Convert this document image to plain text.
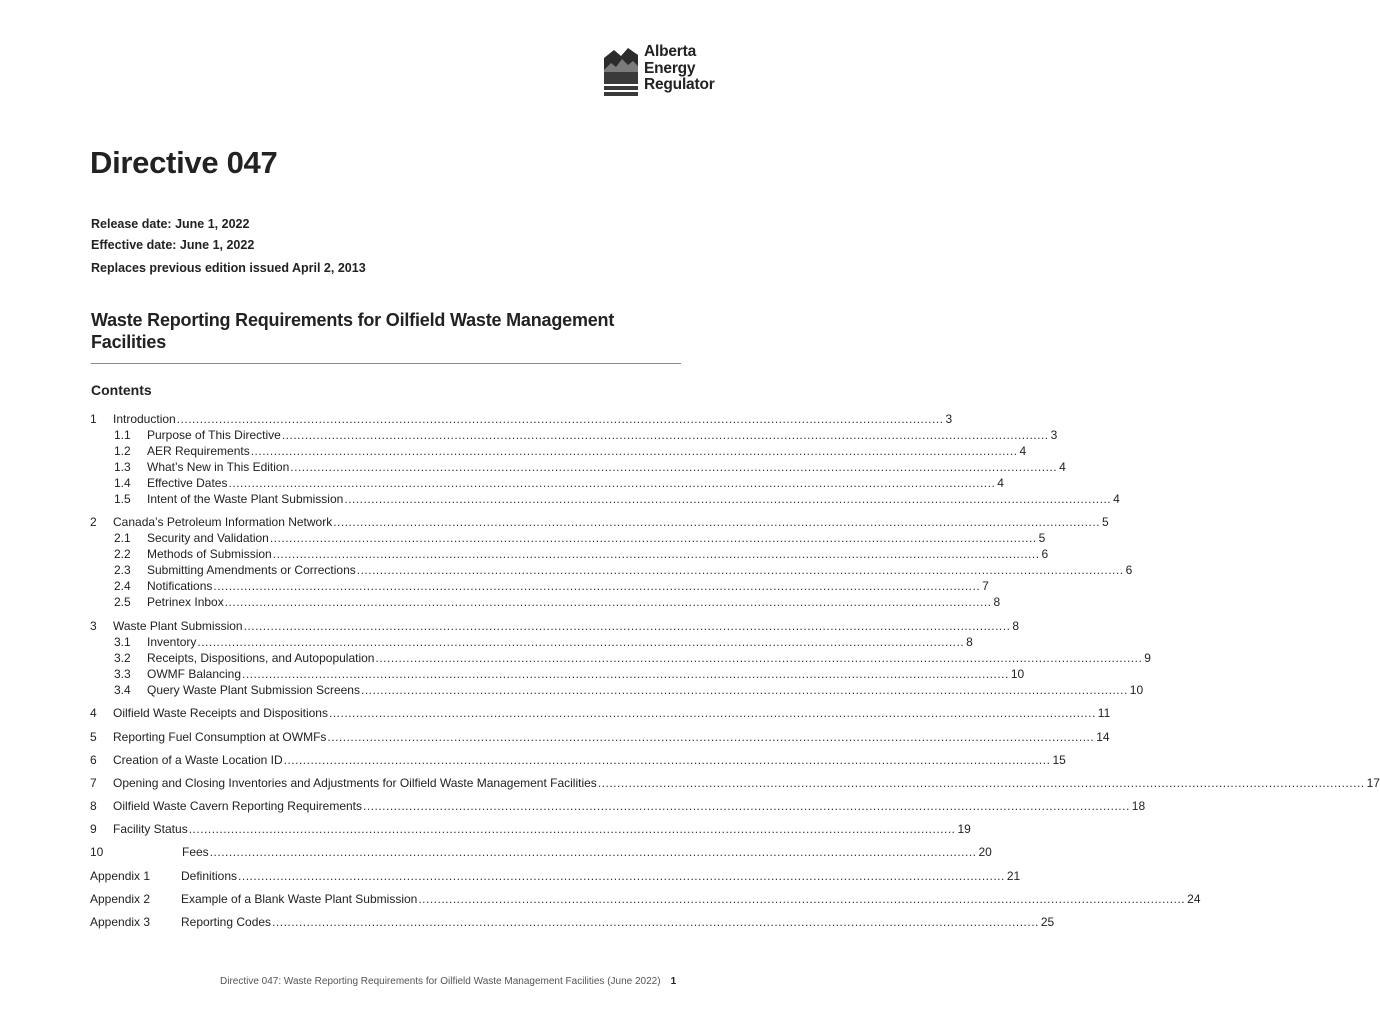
Alberta
Energy
Regulator
Directive 047
Release date: June 1, 2022
Effective date: June 1, 2022
Replaces previous edition issued April 2, 2013
Waste Reporting Requirements for Oilfield Waste Management Facilities
Contents
1 Introduction ........................................................................................................................................................................................................ 3
1.1 Purpose of This Directive ........................................................................................................................................................................................................ 3
1.2 AER Requirements ........................................................................................................................................................................................................ 4
1.3 What’s New in This Edition ........................................................................................................................................................................................................ 4
1.4 Effective Dates ........................................................................................................................................................................................................ 4
1.5 Intent of the Waste Plant Submission ........................................................................................................................................................................................................ 4
2 Canada’s Petroleum Information Network ........................................................................................................................................................................................................ 5
2.1 Security and Validation ........................................................................................................................................................................................................ 5
2.2 Methods of Submission ........................................................................................................................................................................................................ 6
2.3 Submitting Amendments or Corrections ........................................................................................................................................................................................................ 6
2.4 Notifications ........................................................................................................................................................................................................ 7
2.5 Petrinex Inbox ........................................................................................................................................................................................................ 8
3 Waste Plant Submission ........................................................................................................................................................................................................ 8
3.1 Inventory ........................................................................................................................................................................................................ 8
3.2 Receipts, Dispositions, and Autopopulation ........................................................................................................................................................................................................ 9
3.3 OWMF Balancing ........................................................................................................................................................................................................ 10
3.4 Query Waste Plant Submission Screens ........................................................................................................................................................................................................ 10
4 Oilfield Waste Receipts and Dispositions ........................................................................................................................................................................................................ 11
5 Reporting Fuel Consumption at OWMFs ........................................................................................................................................................................................................ 14
6 Creation of a Waste Location ID ........................................................................................................................................................................................................ 15
7 Opening and Closing Inventories and Adjustments for Oilfield Waste Management Facilities ........................................................................................................................................................................................................ 17
8 Oilfield Waste Cavern Reporting Requirements ........................................................................................................................................................................................................ 18
9 Facility Status ........................................................................................................................................................................................................ 19
10	Fees ........................................................................................................................................................................................................ 20
Appendix 1	Definitions ........................................................................................................................................................................................................ 21
Appendix 2	Example of a Blank Waste Plant Submission ........................................................................................................................................................................................................ 24
Appendix 3	Reporting Codes ........................................................................................................................................................................................................ 25
Directive 047: Waste Reporting Requirements for Oilfield Waste Management Facilities (June 2022) 1
